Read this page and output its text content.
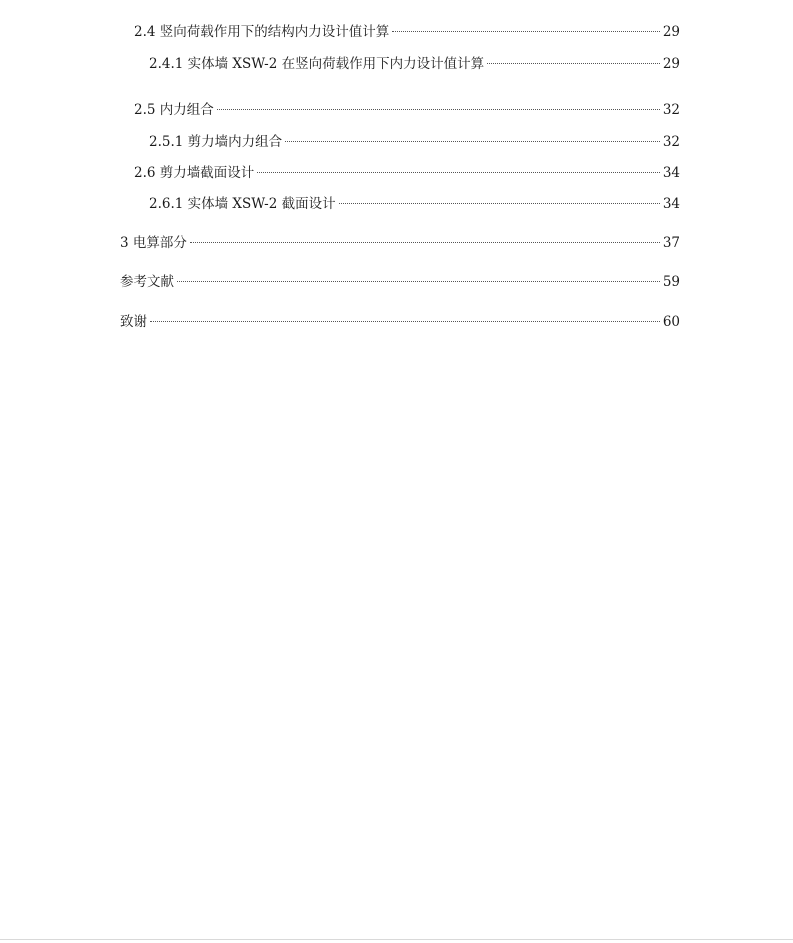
2.4 竖向荷载作用下的结构内力设计值计算	29
2.4.1 实体墙 XSW-2 在竖向荷载作用下内力设计值计算	29
2.5 内力组合	32
2.5.1 剪力墙内力组合	32
2.6 剪力墙截面设计	34
2.6.1 实体墙 XSW-2 截面设计	34
3 电算部分	37
参考文献	59
致谢	60
